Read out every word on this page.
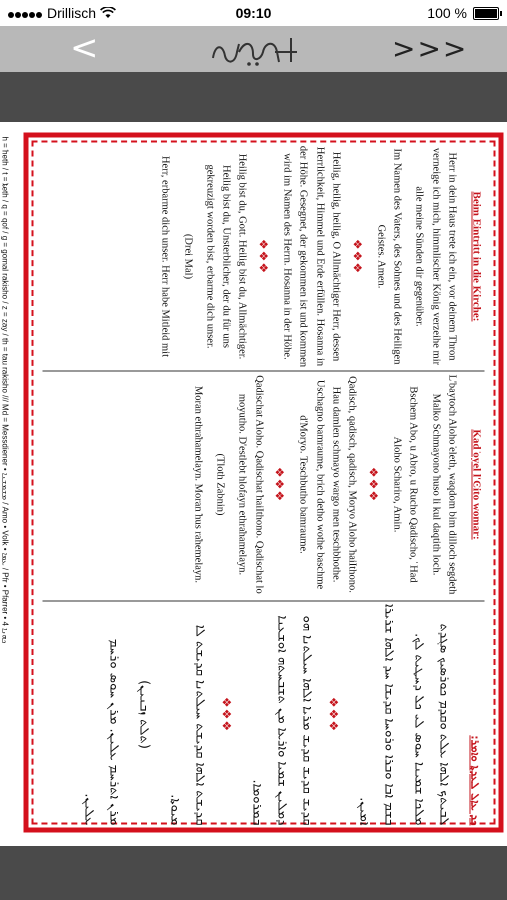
Drillisch	09:10	100 %
<	>>>
Beim Eintritt in die Kirche:

Herr in dein Haus trete ich ein, vor deinem Thron verneige ich mich, himmlischer König verzeihe mir alle meine Sünden dir gegenüber.

Im Namen des Vaters, des Sohnes und des Heiligen Geistes. Amen.

❖❖❖

Heilig, heilig, heilig, O Allmächtiger Herr, dessen Herrlichkeit, Himmel und Erde erfüllen. Hosanna in der Höhe. Gesegnet, der gekommen ist und kommen wird im Namen des Herrn. Hosanna in der Höhe.

❖❖❖

Heilig bist du, Gott. Heilig bist du, Allmächtiger. Heilig bist du, Unsterblicher, der du für uns gekreuzigt worden bist, erbarme dich unser.

(Drei Mal)

Herr, erbarme dich unser. Herr habe Mitleid mit

Kad ͑oyel l'Ͼito womar:

L'baytoch Aloho ͑eleth, waqdom bim dilloch segdeth Malko Schmayono ͑huso li kul daqtith loch.

Bschem Abo, u Abro, u Rucho Qadischo, ͑ Had Aloho Schariro, Amin.

❖❖❖

Qadisch, qadisch, qadisch, Moryo Aloho ͑haiIthono. Hau damlen schmayo wargo men teschbhothe. Uschagno bamraume, brich detho wothe baschme d'Moryo. Teschbutho bamraume.

❖❖❖

Qadischat Aloho. Qadischat ͑haiIthono. Qadischat lo moyutho. D'estlebt hlofayn ethra͑hamelayn.

(Tloth Zabnin)

Moran ethra͑hamelayn. Moran ͑hus ra͑hemelayn.

ܟܕ ܥܐܠ ܠܥܕܬܐ ܘܐܡܪ:

ܠܒܝܬܟ ܐܠܗܐ ܥܠܬ ܘܩܕܡ ܟܘܪܣܝܟ ܣܓܕܬ ܡܠܟܐ ܫܡܝܢܐ ܚܘܣ ܠܝ ܟܠ ܕܚܛܝܬ ܠܟ.

ܒܫܡ ܐܒܐ ܘܒܪܐ ܘܪܘܚܐ ܩܕܝܫܐ ܚܕ ܐܠܗܐ ܫܪܝܪܐ ܐܡܝܢ.

❖❖❖

ܩܕܝܫ ܩܕܝܫ ܩܕܝܫ ܡܪܝܐ ܐܠܗܐ ܚܝܠܬܢܐ ܗܘ ܕܡܠܝܢ ܫܡܝܐ ܘܐܪܥܐ ܡܢ ܬܫܒܚܬܗ ܐܘܫܥܢܐ ܒܡܪܘܡܐ.

❖❖❖

ܩܕܝܫܬ ܐܠܗܐ ܩܕܝܫܬ ܚܝܠܬܢܐ ܩܕܝܫܬ ܠܐ ܡܝܘܬܐ.

(ܬܠܬ ܙܒܢܝܢ)

ܡܪܢ ܐܬܪܚܡ ܥܠܝܢ. ܡܪܢ ܚܘܣ ܘܪܚܡ ܥܠܝܢ.

h = ͑heth / t = ͑ȶeth / q = qof / g = gomal rakisho / z = zay / th = tau rakisho /// Md = Messdiener • ܡܫܡܫܢܐ / ͑Amo • Volk • ܥܡܐ / Pfr • Pfarrer • ܟܗܢܐ 4
